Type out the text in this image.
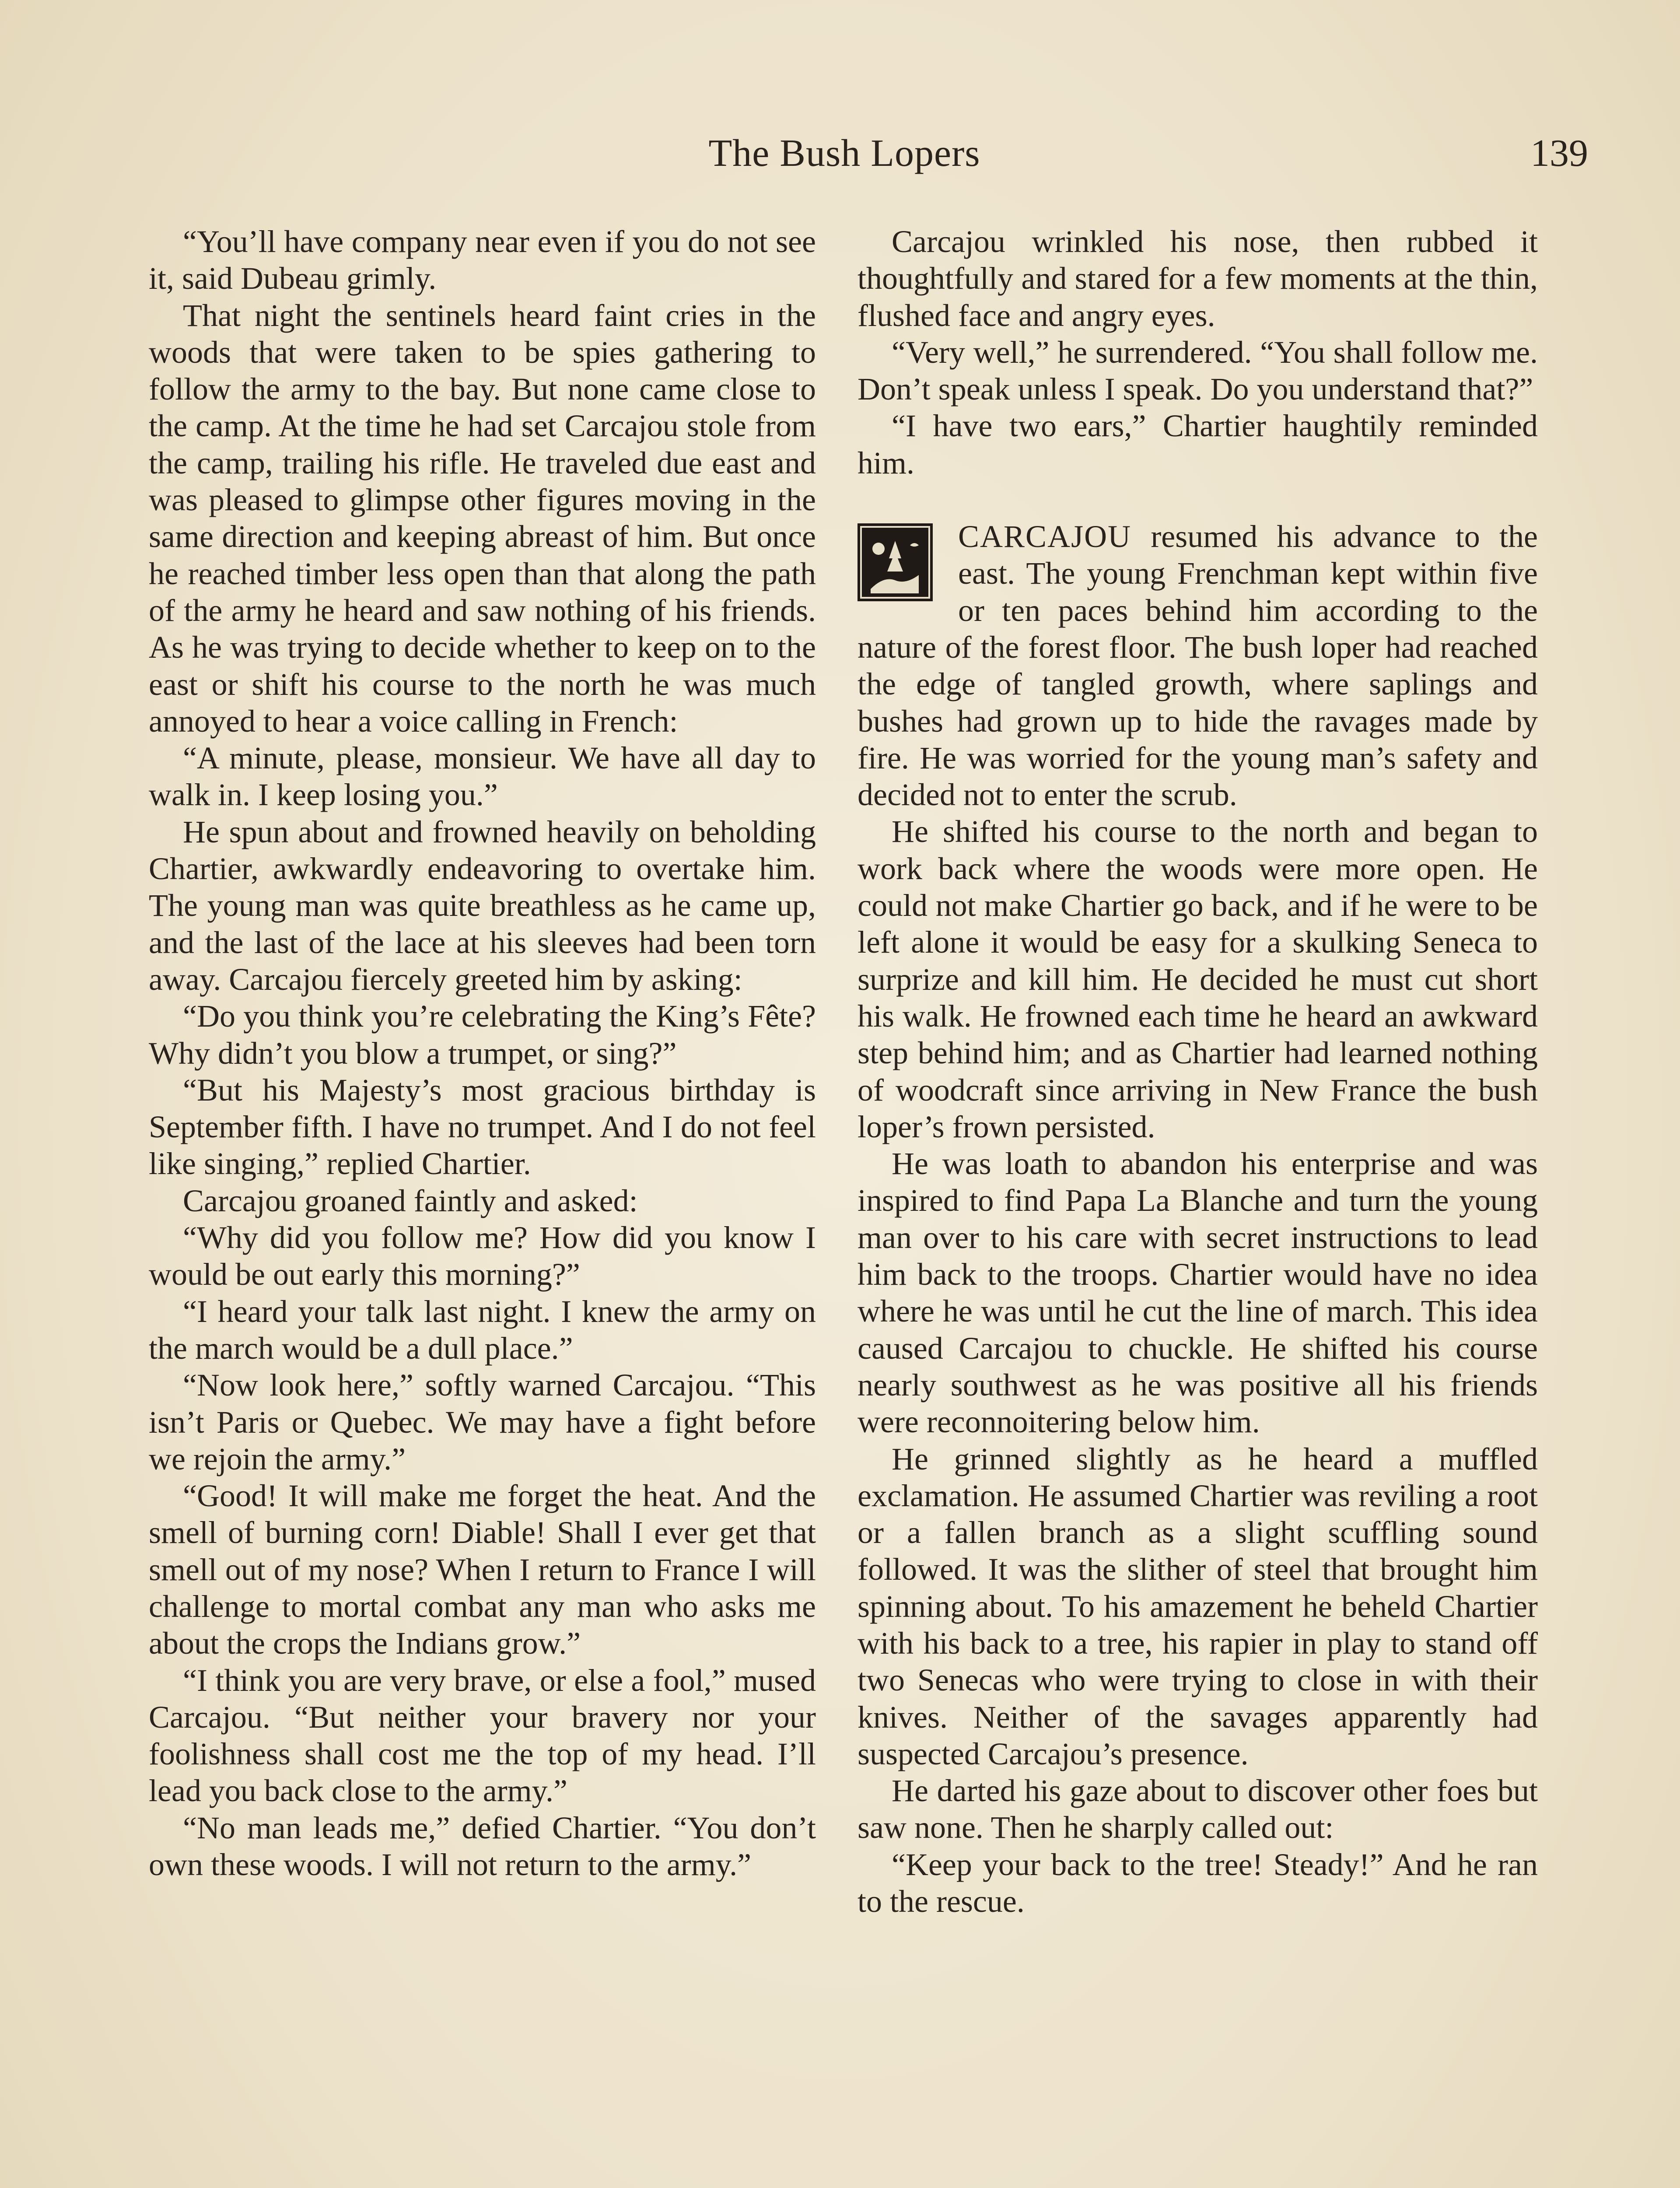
The Bush Lopers	139

“You’ll have company near even if you do not see it, said Dubeau grimly.

That night the sentinels heard faint cries in the woods that were taken to be spies gathering to follow the army to the bay. But none came close to the camp. At the time he had set Carcajou stole from the camp, trailing his rifle. He traveled due east and was pleased to glimpse other figures moving in the same direction and keeping abreast of him. But once he reached timber less open than that along the path of the army he heard and saw nothing of his friends. As he was trying to decide whether to keep on to the east or shift his course to the north he was much annoyed to hear a voice calling in French:

“A minute, please, monsieur. We have all day to walk in. I keep losing you.”

He spun about and frowned heavily on beholding Chartier, awkwardly endeavoring to overtake him. The young man was quite breathless as he came up, and the last of the lace at his sleeves had been torn away. Carcajou fiercely greeted him by asking:

“Do you think you’re celebrating the King’s Fête? Why didn’t you blow a trumpet, or sing?”

“But his Majesty’s most gracious birthday is September fifth. I have no trumpet. And I do not feel like singing,” replied Chartier.

Carcajou groaned faintly and asked:

“Why did you follow me? How did you know I would be out early this morning?”

“I heard your talk last night. I knew the army on the march would be a dull place.”

“Now look here,” softly warned Carcajou. “This isn’t Paris or Quebec. We may have a fight before we rejoin the army.”

“Good! It will make me forget the heat. And the smell of burning corn! Diable! Shall I ever get that smell out of my nose? When I return to France I will challenge to mortal combat any man who asks me about the crops the Indians grow.”

“I think you are very brave, or else a fool,” mused Carcajou. “But neither your bravery nor your foolishness shall cost me the top of my head. I’ll lead you back close to the army.”

“No man leads me,” defied Chartier. “You don’t own these woods. I will not return to the army.”

Carcajou wrinkled his nose, then rubbed it thoughtfully and stared for a few moments at the thin, flushed face and angry eyes.

“Very well,” he surrendered. “You shall follow me. Don’t speak unless I speak. Do you understand that?”

“I have two ears,” Chartier haughtily reminded him.

CARCAJOU resumed his advance to the east. The young Frenchman kept within five or ten paces behind him according to the nature of the forest floor. The bush loper had reached the edge of tangled growth, where saplings and bushes had grown up to hide the ravages made by fire. He was worried for the young man’s safety and decided not to enter the scrub.

He shifted his course to the north and began to work back where the woods were more open. He could not make Chartier go back, and if he were to be left alone it would be easy for a skulking Seneca to surprize and kill him. He decided he must cut short his walk. He frowned each time he heard an awkward step behind him; and as Chartier had learned nothing of woodcraft since arriving in New France the bush loper’s frown persisted.

He was loath to abandon his enterprise and was inspired to find Papa La Blanche and turn the young man over to his care with secret instructions to lead him back to the troops. Chartier would have no idea where he was until he cut the line of march. This idea caused Carcajou to chuckle. He shifted his course nearly southwest as he was positive all his friends were reconnoitering below him.

He grinned slightly as he heard a muffled exclamation. He assumed Chartier was reviling a root or a fallen branch as a slight scuffling sound followed. It was the slither of steel that brought him spinning about. To his amazement he beheld Chartier with his back to a tree, his rapier in play to stand off two Senecas who were trying to close in with their knives. Neither of the savages apparently had suspected Carcajou’s presence.

He darted his gaze about to discover other foes but saw none. Then he sharply called out:

“Keep your back to the tree! Steady!” And he ran to the rescue.
